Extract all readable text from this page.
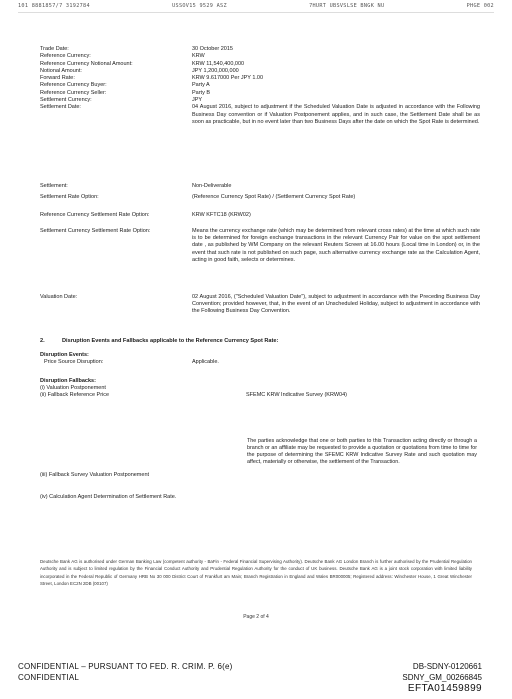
101 8881857/7 3192784	USSOV15 9529 ASZ	7HURT UBSVSLSE BNGK NU	PHGE 002
Trade Date:	30 October 2015
Reference Currency:	KRW
Reference Currency Notional Amount:	KRW 11,540,400,000
Notional Amount:	JPY 1,200,000,000
Forward Rate:	KRW 9.617000 Per JPY 1.00
Reference Currency Buyer:	Party A
Reference Currency Seller:	Party B
Settlement Currency:	JPY
Settlement Date:	04 August 2016, subject to adjustment if the Scheduled Valuation Date is adjusted in accordance with the Following Business Day convention or if Valuation Postponement applies, and in such case, the Settlement Date shall be as soon as practicable, but in no event later than two Business Days after the date on which the Spot Rate is determined.
Settlement:	Non-Deliverable
Settlement Rate Option:	(Reference Currency Spot Rate) / (Settlement Currency Spot Rate)
Reference Currency Settlement Rate Option:	KRW KFTC18 (KRW02)
Settlement Currency Settlement Rate Option:	Means the currency exchange rate (which may be determined from relevant cross rates) at the time at which such rate is to be determined for foreign exchange transactions in the relevant Currency Pair for value on the spot settlement date , as published by WM Company on the relevant Reuters Screen at 16.00 hours (Local time in London) or, in the event that such rate is not published on such page, such alternative currency exchange rate as the Calculation Agent, acting in good faith, selects or determines.
Valuation Date:	02 August 2016, ("Scheduled Valuation Date"), subject to adjustment in accordance with the Preceding Business Day Convention; provided however, that, in the event of an Unscheduled Holiday, subject to adjustment in accordance with the Following Business Day Convention.
2.	Disruption Events and Fallbacks applicable to the Reference Currency Spot Rate:
Disruption Events:
Price Source Disruption:	Applicable.
Disruption Fallbacks:
(i) Valuation Postponement
(ii) Fallback Reference Price	SFEMC KRW Indicative Survey (KRW04)
The parties acknowledge that one or both parties to this Transaction acting directly or through a branch or an affiliate may be requested to provide a quotation or quotations from time to time for the purpose of determining the SFEMC KRW Indicative Survey Rate and such quotation may affect, materially or otherwise, the settlement of the Transaction.
(iii) Fallback Survey Valuation Postponement
(iv) Calculation Agent Determination of Settlement Rate.
Deutsche Bank AG is authorised under German Banking Law (competent authority - BaFin - Federal Financial Supervising Authority). Deutsche Bank AG London Branch is further authorised by the Prudential Regulation Authority and is subject to limited regulation by the Financial Conduct Authority and Prudential Regulation Authority for the conduct of UK business. Deutsche Bank AG is a joint stock corporation with limited liability incorporated in the Federal Republic of Germany HRB No 30 000 District Court of Frankfurt am Main; Branch Registration in England and Wales BR000005; Registered address: Winchester House, 1 Great Winchester Street, London EC2N 2DB (00107)
Page 2 of 4
CONFIDENTIAL – PURSUANT TO FED. R. CRIM. P. 6(e)
CONFIDENTIAL
DB-SDNY-0120661
SDNY_GM_00266845
EFTA01459899
